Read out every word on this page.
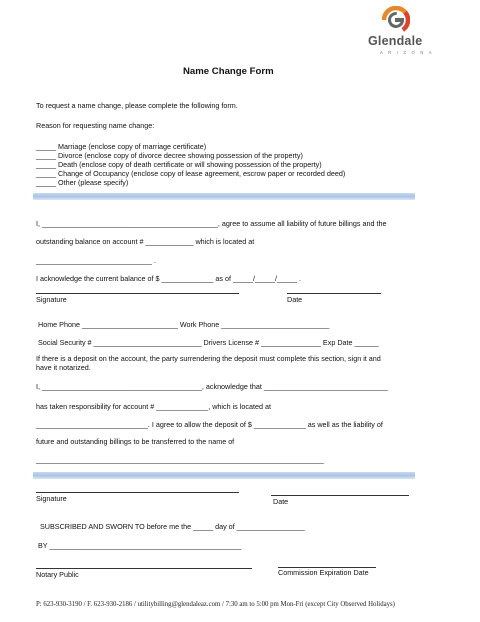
Glendale
A R I Z O N A
Name Change Form
To request a name change, please complete the following form.
Reason for requesting name change:
_____ Marriage (enclose copy of marriage certificate)
_____ Divorce (enclose copy of divorce decree showing possession of the property)
_____ Death (enclose copy of death certificate or will showing possession of the property)
_____ Change of Occupancy (enclose copy of lease agreement, escrow paper or recorded deed)
_____ Other (please specify)
I, ____________________________________________, agree to assume all liability of future billings and the
outstanding balance on account # ____________ which is located at
_____________________________ .
I acknowledge the current balance of $ _____________ as of _____/_____/_____ .
Signature	Date
Home Phone ________________________ Work Phone ___________________________
Social Security # ___________________________ Drivers License # _______________ Exp Date ______
If there is a deposit on the account, the party surrendering the deposit must complete this section, sign it and
have it notarized.
I, ________________________________________, acknowledge that _______________________________
has taken responsibility for account # _____________, which is located at
____________________________. I agree to allow the deposit of $ _____________ as well as the liability of
future and outstanding billings to be transferred to the name of
________________________________________________________________________
Signature	Date
SUBSCRIBED AND SWORN TO before me the _____ day of _________________
BY ________________________________________________
Notary Public	Commission Expiration Date
P: 623-930-3190 / F. 623-930-2186 / utilitybilling@glendaleaz.com / 7:30 am to 5:00 pm Mon-Fri (except City Observed Holidays)
